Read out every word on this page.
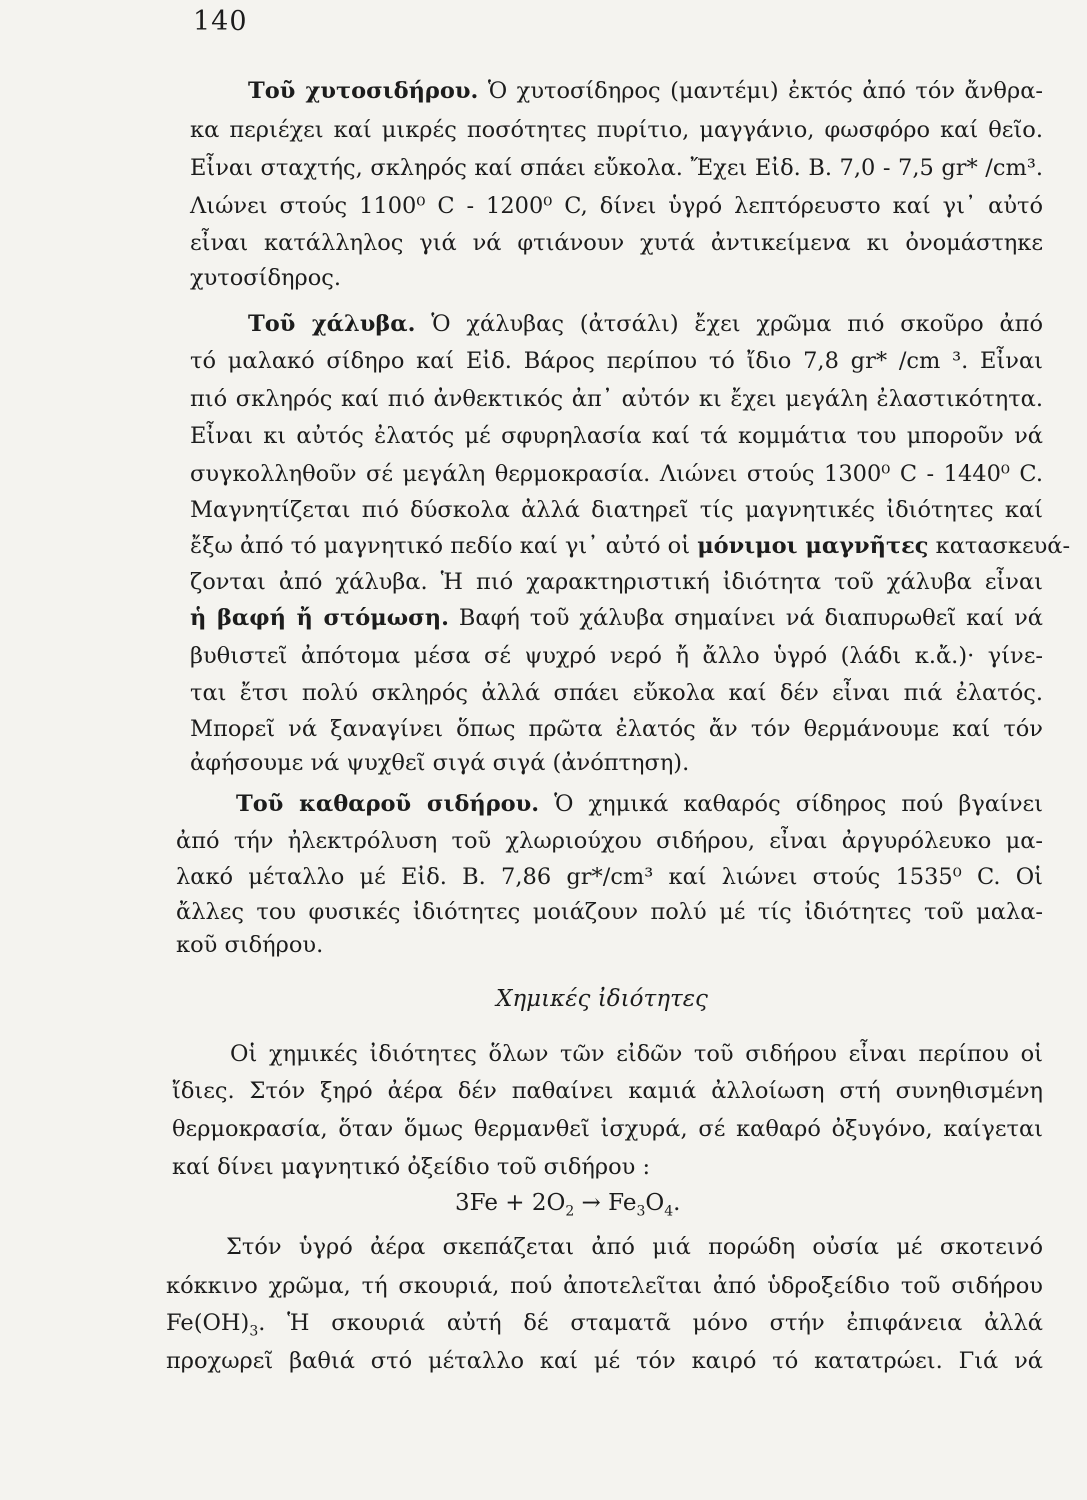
140
Τοῦ χυτοσιδήρου. Ὁ χυτοσίδηρος (μαντέμι) ἐκτός ἀπό τόν ἄνθρα-
κα περιέχει καί μικρές ποσότητες πυρίτιο, μαγγάνιο, φωσφόρο καί θεῖο.
Εἶναι σταχτής, σκληρός καί σπάει εὔκολα. Ἔχει Εἰδ. Β. 7,0 - 7,5 gr* /cm³.
Λιώνει στούς 1100⁰ C - 1200⁰ C, δίνει ὑγρό λεπτόρευστο καί γι᾽ αὐτό
εἶναι κατάλληλος γιά νά φτιάνουν χυτά ἀντικείμενα κι ὀνομάστηκε
χυτοσίδηρος.
Τοῦ χάλυβα. Ὁ χάλυβας (ἀτσάλι) ἔχει χρῶμα πιό σκοῦρο ἀπό
τό μαλακό σίδηρο καί Εἰδ. Βάρος περίπου τό ἴδιο 7,8 gr* /cm ³. Εἶναι
πιό σκληρός καί πιό ἀνθεκτικός ἀπ᾽ αὐτόν κι ἔχει μεγάλη ἐλαστικότητα.
Εἶναι κι αὐτός ἐλατός μέ σφυρηλασία καί τά κομμάτια του μποροῦν νά
συγκολληθοῦν σέ μεγάλη θερμοκρασία. Λιώνει στούς 1300⁰ C - 1440⁰ C.
Μαγνητίζεται πιό δύσκολα ἀλλά διατηρεῖ τίς μαγνητικές ἰδιότητες καί
ἔξω ἀπό τό μαγνητικό πεδίο καί γι᾽ αὐτό οἱ μόνιμοι μαγνῆτες κατασκευά-
ζονται ἀπό χάλυβα. Ἡ πιό χαρακτηριστική ἰδιότητα τοῦ χάλυβα εἶναι
ἡ βαφή ἤ στόμωση. Βαφή τοῦ χάλυβα σημαίνει νά διαπυρωθεῖ καί νά
βυθιστεῖ ἀπότομα μέσα σέ ψυχρό νερό ἤ ἄλλο ὑγρό (λάδι κ.ἄ.)· γίνε-
ται ἔτσι πολύ σκληρός ἀλλά σπάει εὔκολα καί δέν εἶναι πιά ἐλατός.
Μπορεῖ νά ξαναγίνει ὅπως πρῶτα ἐλατός ἄν τόν θερμάνουμε καί τόν
ἀφήσουμε νά ψυχθεῖ σιγά σιγά (ἀνόπτηση).
Τοῦ καθαροῦ σιδήρου. Ὁ χημικά καθαρός σίδηρος πού βγαίνει
ἀπό τήν ἠλεκτρόλυση τοῦ χλωριούχου σιδήρου, εἶναι ἀργυρόλευκο μα-
λακό μέταλλο μέ Εἰδ. Β. 7,86 gr*/cm³ καί λιώνει στούς 1535⁰ C. Οἱ
ἄλλες του φυσικές ἰδιότητες μοιάζουν πολύ μέ τίς ἰδιότητες τοῦ μαλα-
κοῦ σιδήρου.
Χημικές ἰδιότητες
Οἱ χημικές ἰδιότητες ὅλων τῶν εἰδῶν τοῦ σιδήρου εἶναι περίπου οἱ
ἴδιες. Στόν ξηρό ἀέρα δέν παθαίνει καμιά ἀλλοίωση στή συνηθισμένη
θερμοκρασία, ὅταν ὅμως θερμανθεῖ ἰσχυρά, σέ καθαρό ὀξυγόνο, καίγεται
καί δίνει μαγνητικό ὀξείδιο τοῦ σιδήρου :
$3Fe + 2O_2 \to Fe_3O_4$.
Στόν ὑγρό ἀέρα σκεπάζεται ἀπό μιά πορώδη οὐσία μέ σκοτεινό
κόκκινο χρῶμα, τή σκουριά, πού ἀποτελεῖται ἀπό ὑδροξείδιο τοῦ σιδήρου
$Fe(OH)_3$. Ἡ σκουριά αὐτή δέ σταματᾶ μόνο στήν ἐπιφάνεια ἀλλά
προχωρεῖ βαθιά στό μέταλλο καί μέ τόν καιρό τό κατατρώει. Γιά νά
